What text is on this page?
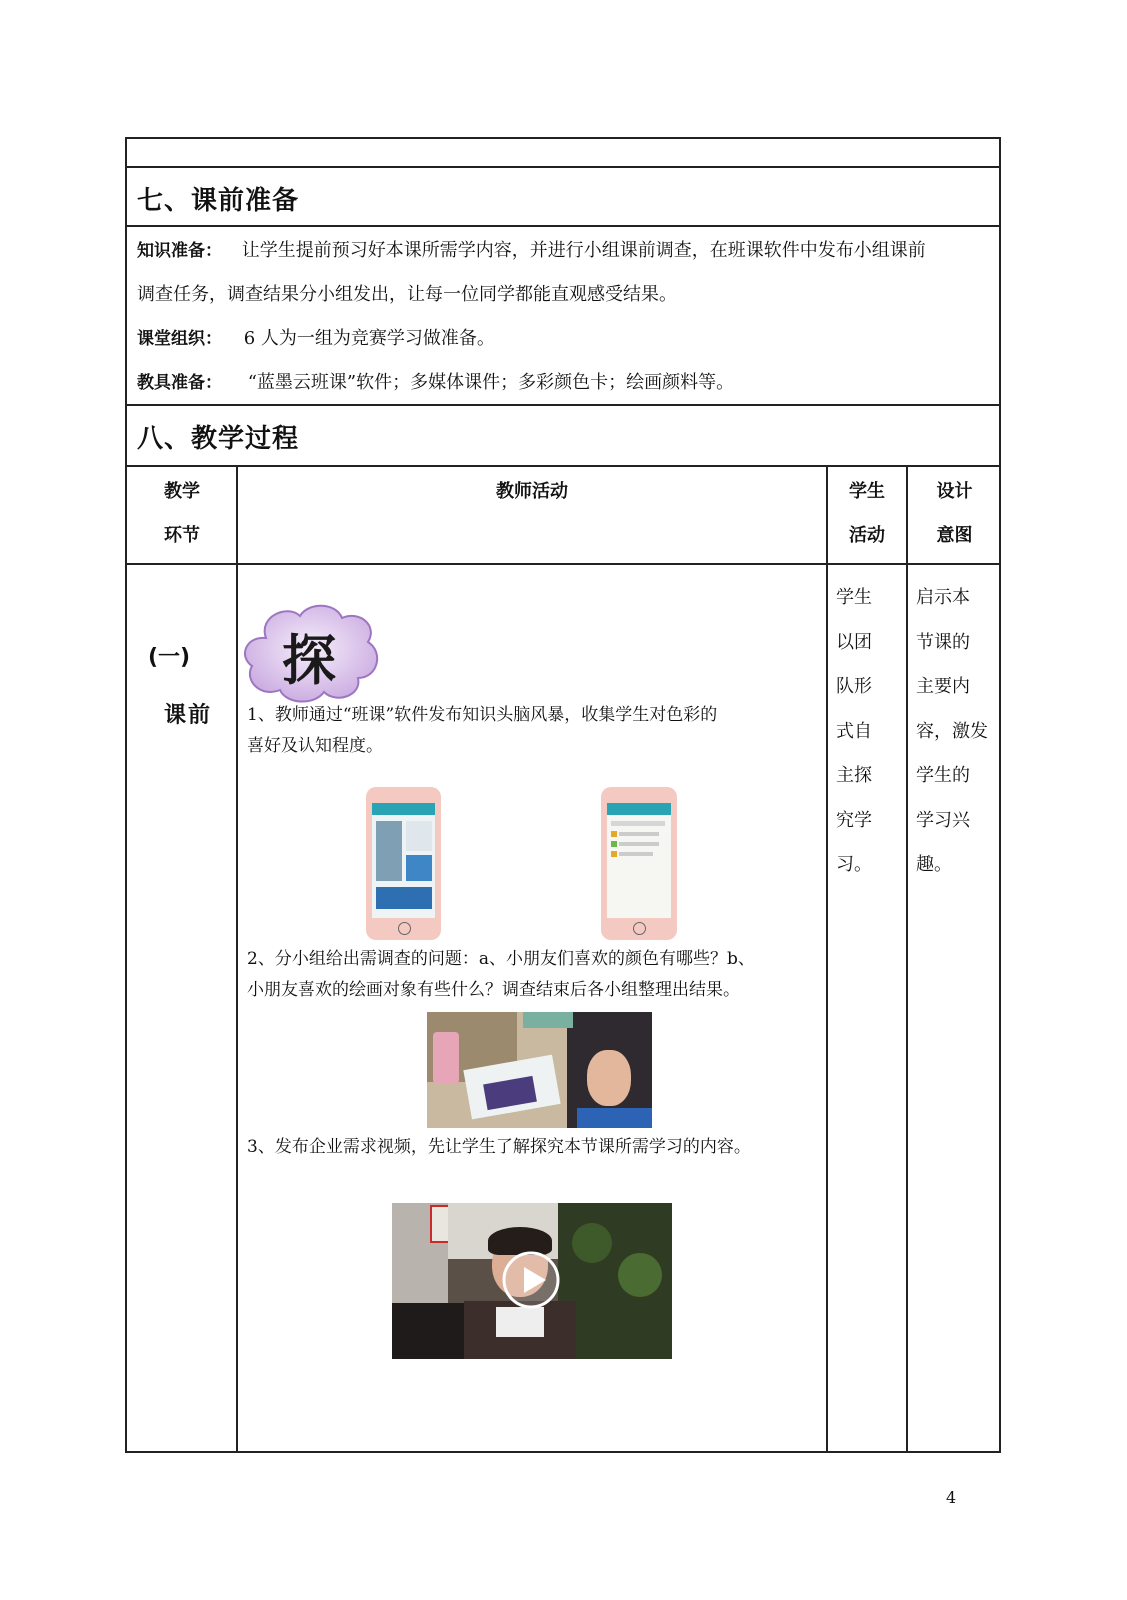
七、课前准备
知识准备： 让学生提前预习好本课所需学内容，并进行小组课前调查，在班课软件中发布小组课前
调查任务，调查结果分小组发出，让每一位同学都能直观感受结果。
课堂组织： 6 人为一组为竞赛学习做准备。
教具准备： “蓝墨云班课”软件；多媒体课件；多彩颜色卡；绘画颜料等。
八、教学过程
教学
环节
教师活动	学生
活动
设计
意图
(一)
课前
探
1、教师通过“班课”软件发布知识头脑风暴，收集学生对色彩的
喜好及认知程度。
2、分小组给出需调查的问题：a、小朋友们喜欢的颜色有哪些？b、
小朋友喜欢的绘画对象有些什么？调查结束后各小组整理出结果。
3、发布企业需求视频，先让学生了解探究本节课所需学习的内容。
学生
以团
队形
式自
主探
究学
习。
启示本
节课的
主要内
容，激发
学生的
学习兴
趣。
4
